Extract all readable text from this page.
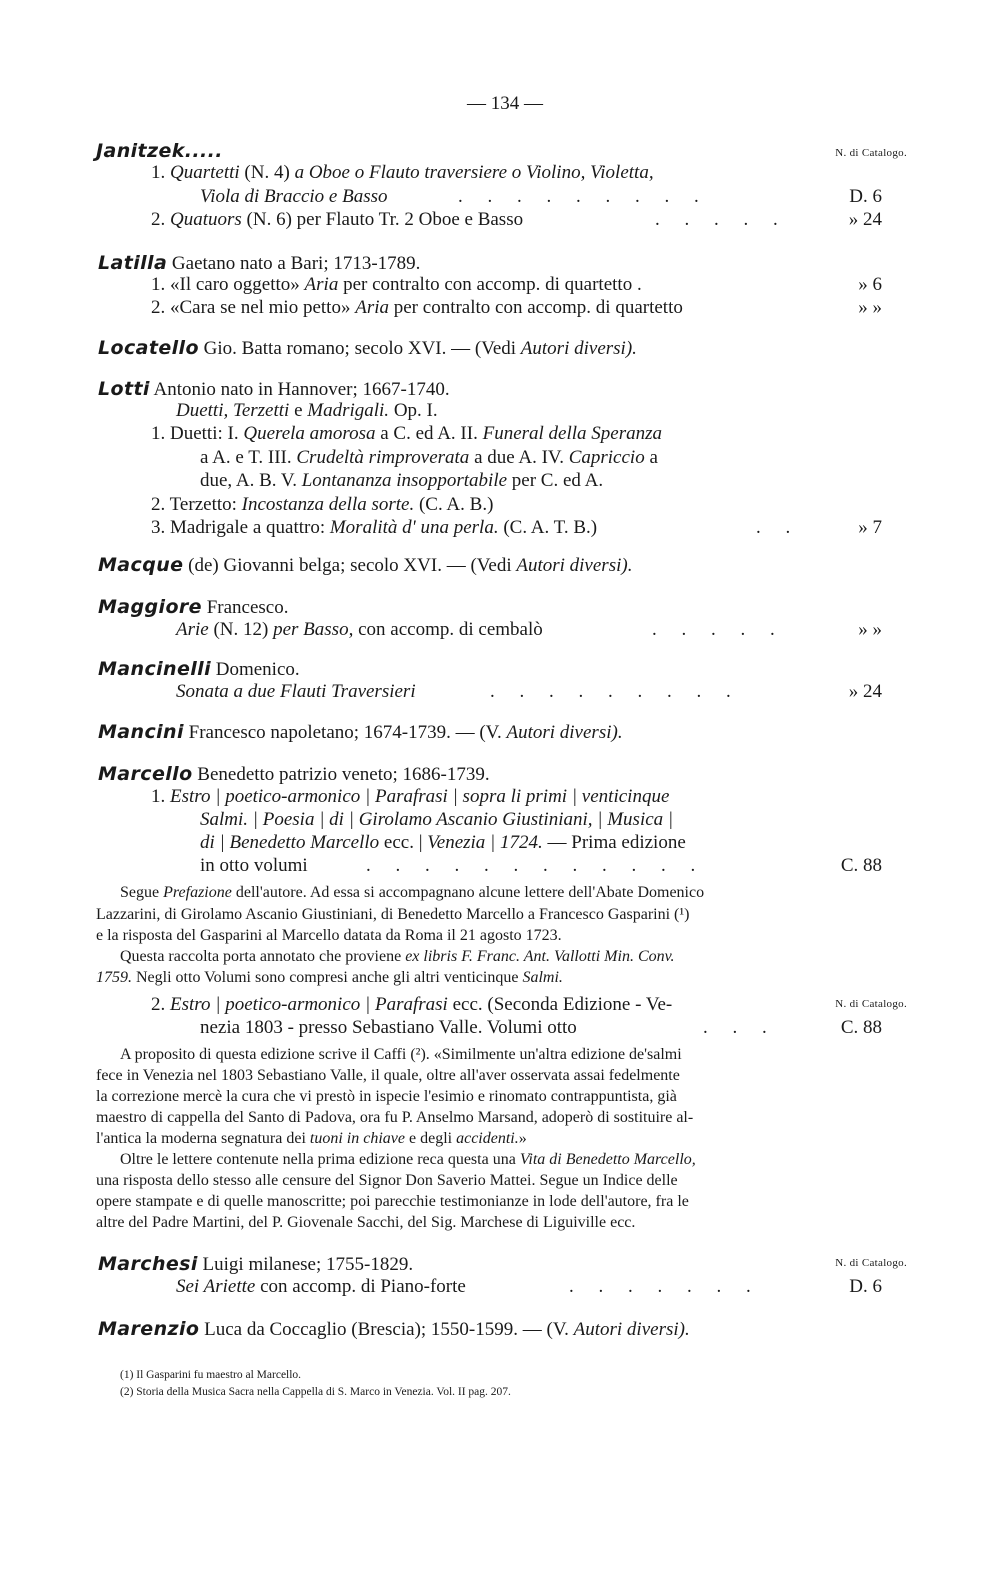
— 134 —
Janitzek.....	N. di Catalogo.
1. Quartetti (N. 4) a Oboe o Flauto traversiere o Violino, Violetta,
Viola di Braccio e Basso	. . . . . . . . .	D. 6
2. Quatuors (N. 6) per Flauto Tr. 2 Oboe e Basso	. . . . .	» 24
Latilla Gaetano nato a Bari; 1713-1789.
1. «Il caro oggetto» Aria per contralto con accomp. di quartetto .	» 6
2. «Cara se nel mio petto» Aria per contralto con accomp. di quartetto	» »
Locatello Gio. Batta romano; secolo XVI. — (Vedi Autori diversi).
Lotti Antonio nato in Hannover; 1667-1740.
Duetti, Terzetti e Madrigali. Op. I.
1. Duetti: I. Querela amorosa a C. ed A. II. Funeral della Speranza
a A. e T. III. Crudeltà rimproverata a due A. IV. Capriccio a
due, A. B. V. Lontananza insopportabile per C. ed A.
2. Terzetto: Incostanza della sorte. (C. A. B.)
3. Madrigale a quattro: Moralità d' una perla. (C. A. T. B.)	. .	» 7
Macque (de) Giovanni belga; secolo XVI. — (Vedi Autori diversi).
Maggiore Francesco.
Arie (N. 12) per Basso, con accomp. di cembalò	. . . . .	» »
Mancinelli Domenico.
Sonata a due Flauti Traversieri	. . . . . . . . .	» 24
Mancini Francesco napoletano; 1674-1739. — (V. Autori diversi).
Marcello Benedetto patrizio veneto; 1686-1739.
1. Estro | poetico-armonico | Parafrasi | sopra li primi | venticinque
Salmi. | Poesia | di | Girolamo Ascanio Giustiniani, | Musica |
di | Benedetto Marcello ecc. | Venezia | 1724. — Prima edizione
in otto volumi	. . . . . . . . . . . .	C. 88
Segue Prefazione dell'autore. Ad essa si accompagnano alcune lettere dell'Abate Domenico
Lazzarini, di Girolamo Ascanio Giustiniani, di Benedetto Marcello a Francesco Gasparini (¹)
e la risposta del Gasparini al Marcello datata da Roma il 21 agosto 1723.
Questa raccolta porta annotato che proviene ex libris F. Franc. Ant. Vallotti Min. Conv.
1759. Negli otto Volumi sono compresi anche gli altri venticinque Salmi.
2. Estro | poetico-armonico | Parafrasi ecc. (Seconda Edizione - Ve-	N. di Catalogo.
nezia 1803 - presso Sebastiano Valle. Volumi otto	. . .	C. 88
A proposito di questa edizione scrive il Caffi (²). «Similmente un'altra edizione de'salmi
fece in Venezia nel 1803 Sebastiano Valle, il quale, oltre all'aver osservata assai fedelmente
la correzione mercè la cura che vi prestò in ispecie l'esimio e rinomato contrappuntista, già
maestro di cappella del Santo di Padova, ora fu P. Anselmo Marsand, adoperò di sostituire al-
l'antica la moderna segnatura dei tuoni in chiave e degli accidenti.»
Oltre le lettere contenute nella prima edizione reca questa una Vita di Benedetto Marcello,
una risposta dello stesso alle censure del Signor Don Saverio Mattei. Segue un Indice delle
opere stampate e di quelle manoscritte; poi parecchie testimonianze in lode dell'autore, fra le
altre del Padre Martini, del P. Giovenale Sacchi, del Sig. Marchese di Liguiville ecc.
Marchesi Luigi milanese; 1755-1829.	N. di Catalogo.
Sei Ariette con accomp. di Piano-forte	. . . . . . .	D. 6
Marenzio Luca da Coccaglio (Brescia); 1550-1599. — (V. Autori diversi).
(1) Il Gasparini fu maestro al Marcello.
(2) Storia della Musica Sacra nella Cappella di S. Marco in Venezia. Vol. II pag. 207.
